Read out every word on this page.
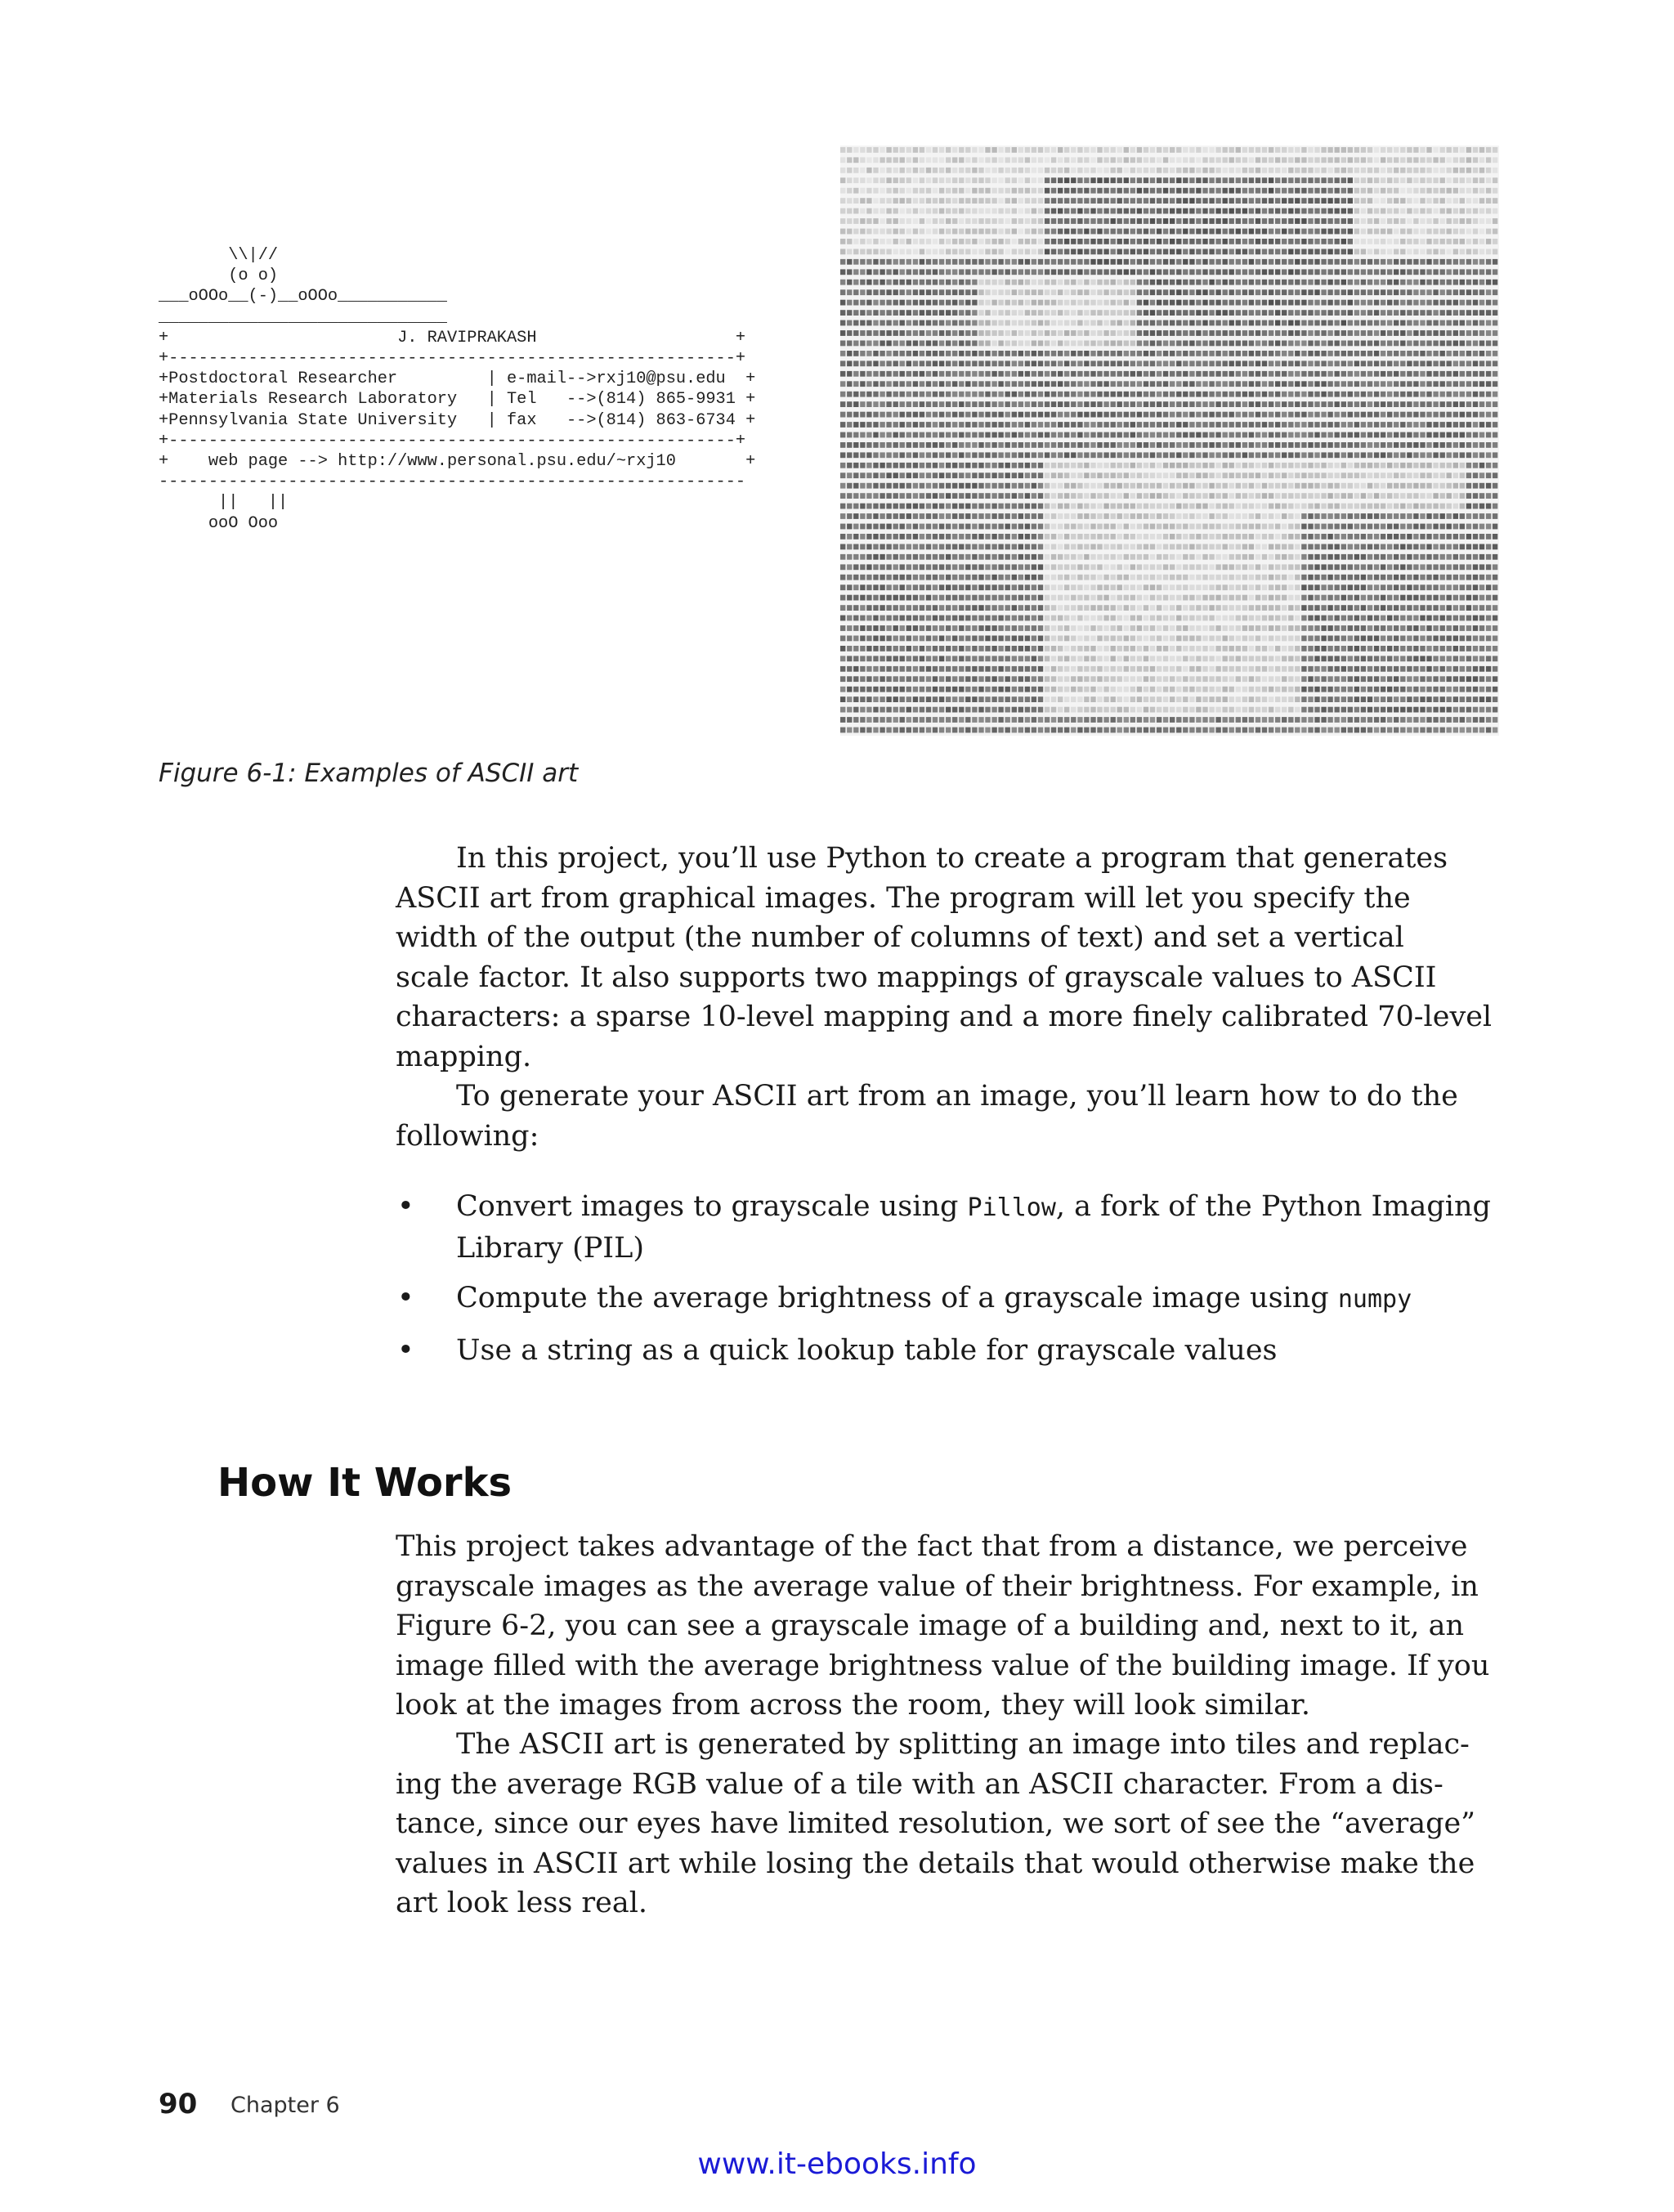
\\|//
(o o)
___oOOo__(-)__oOOo___________
_____________________________
+                       J. RAVIPRAKASH                    +
+---------------------------------------------------------+
+Postdoctoral Researcher         | e-mail-->rxj10@psu.edu  +
+Materials Research Laboratory   | Tel   -->(814) 865-9931 +
+Pennsylvania State University   | fax   -->(814) 863-6734 +
+---------------------------------------------------------+
+    web page --> http://www.personal.psu.edu/~rxj10       +
-----------------------------------------------------------
||   ||
ooO Ooo
Figure 6-1: Examples of ASCII art
In this project, you’ll use Python to create a program that generates
ASCII art from graphical images. The program will let you specify the
width of the output (the number of columns of text) and set a vertical
scale factor. It also supports two mappings of grayscale values to ASCII
characters: a sparse 10-level mapping and a more finely calibrated 70-level
mapping.
To generate your ASCII art from an image, you’ll learn how to do the
following:
• Convert images to grayscale using Pillow, a fork of the Python Imaging
Library (PIL)
• Compute the average brightness of a grayscale image using numpy
• Use a string as a quick lookup table for grayscale values
How It Works
This project takes advantage of the fact that from a distance, we perceive
grayscale images as the average value of their brightness. For example, in
Figure 6-2, you can see a grayscale image of a building and, next to it, an
image filled with the average brightness value of the building image. If you
look at the images from across the room, they will look similar.
The ASCII art is generated by splitting an image into tiles and replac-
ing the average RGB value of a tile with an ASCII character. From a dis-
tance, since our eyes have limited resolution, we sort of see the “average”
values in ASCII art while losing the details that would otherwise make the
art look less real.
90 Chapter 6
www.it-ebooks.info
